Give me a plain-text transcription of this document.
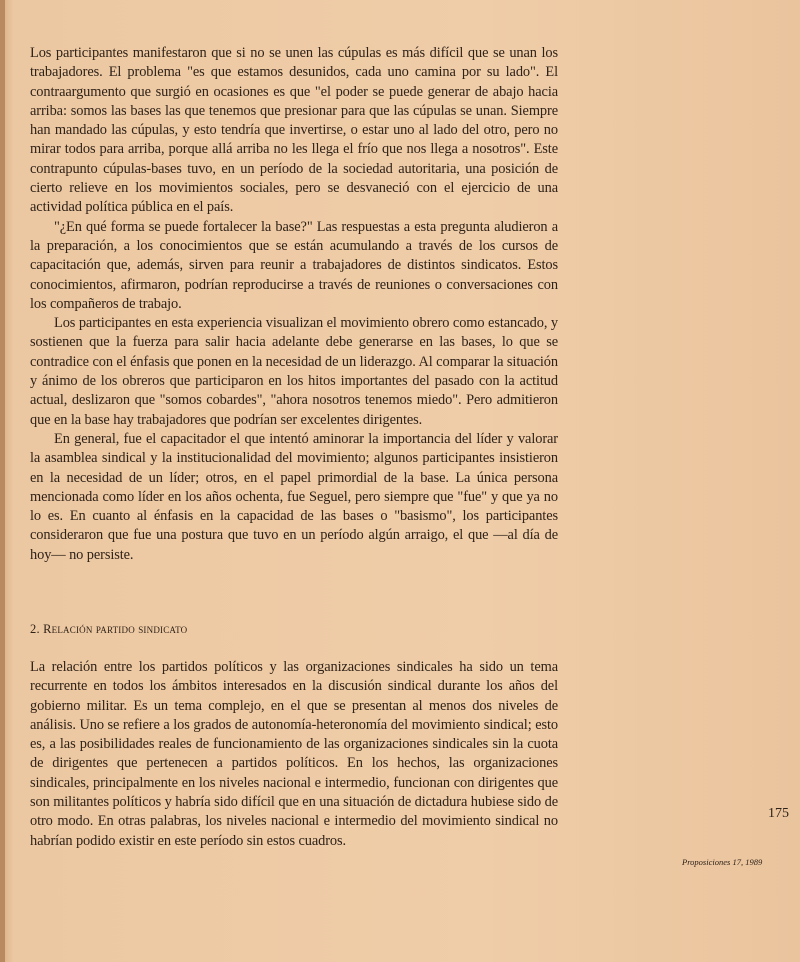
Los participantes manifestaron que si no se unen las cúpulas es más difícil que se unan los trabajadores. El problema "es que estamos desunidos, cada uno camina por su lado". El contraargumento que surgió en ocasiones es que "el poder se puede generar de abajo hacia arriba: somos las bases las que tenemos que presionar para que las cúpulas se unan. Siempre han mandado las cúpulas, y esto tendría que invertirse, o estar uno al lado del otro, pero no mirar todos para arriba, porque allá arriba no les llega el frío que nos llega a nosotros". Este contrapunto cúpulas-bases tuvo, en un período de la sociedad autoritaria, una posición de cierto relieve en los movimientos sociales, pero se desvaneció con el ejercicio de una actividad política pública en el país.

"¿En qué forma se puede fortalecer la base?" Las respuestas a esta pregunta aludieron a la preparación, a los conocimientos que se están acumulando a través de los cursos de capacitación que, además, sirven para reunir a trabajadores de distintos sindicatos. Estos conocimientos, afirmaron, podrían reproducirse a través de reuniones o conversaciones con los compañeros de trabajo.

Los participantes en esta experiencia visualizan el movimiento obrero como estancado, y sostienen que la fuerza para salir hacia adelante debe generarse en las bases, lo que se contradice con el énfasis que ponen en la necesidad de un liderazgo. Al comparar la situación y ánimo de los obreros que participaron en los hitos importantes del pasado con la actitud actual, deslizaron que "somos cobardes", "ahora nosotros tenemos miedo". Pero admitieron que en la base hay trabajadores que podrían ser excelentes dirigentes.

En general, fue el capacitador el que intentó aminorar la importancia del líder y valorar la asamblea sindical y la institucionalidad del movimiento; algunos participantes insistieron en la necesidad de un líder; otros, en el papel primordial de la base. La única persona mencionada como líder en los años ochenta, fue Seguel, pero siempre que "fue" y que ya no lo es. En cuanto al énfasis en la capacidad de las bases o "basismo", los participantes consideraron que fue una postura que tuvo en un período algún arraigo, el que —al día de hoy— no persiste.

2. Relación partido sindicato

La relación entre los partidos políticos y las organizaciones sindicales ha sido un tema recurrente en todos los ámbitos interesados en la discusión sindical durante los años del gobierno militar. Es un tema complejo, en el que se presentan al menos dos niveles de análisis. Uno se refiere a los grados de autonomía-heteronomía del movimiento sindical; esto es, a las posibilidades reales de funcionamiento de las organizaciones sindicales sin la cuota de dirigentes que pertenecen a partidos políticos. En los hechos, las organizaciones sindicales, principalmente en los niveles nacional e intermedio, funcionan con dirigentes que son militantes políticos y habría sido difícil que en una situación de dictadura hubiese sido de otro modo. En otras palabras, los niveles nacional e intermedio del movimiento sindical no habrían podido existir en este período sin estos cuadros.

175
Proposiciones 17, 1989
